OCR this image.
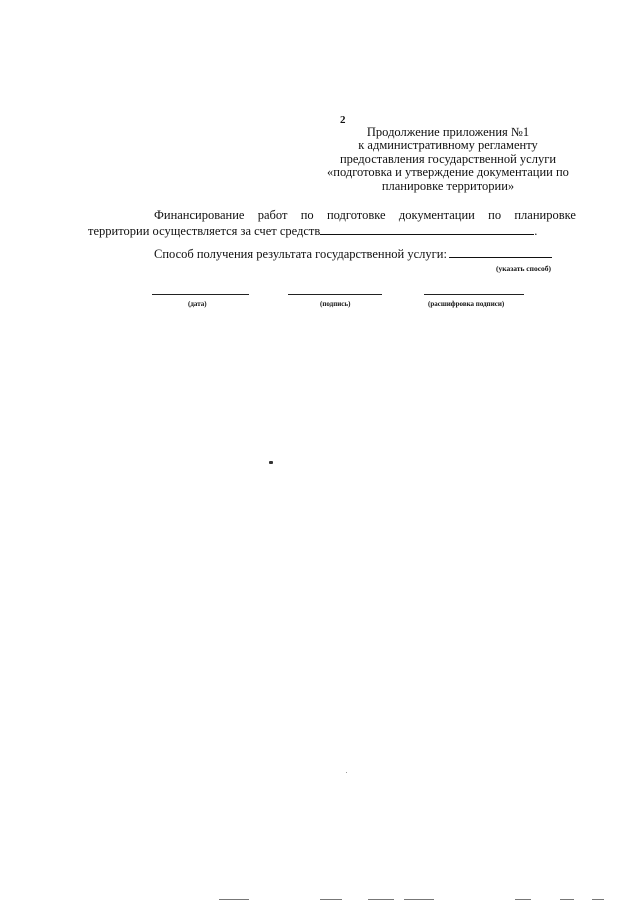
2
Продолжение приложения №1
к административному регламенту
предоставления государственной услуги
«подготовка и утверждение документации по
планировке территории»
Финансирование работ по подготовке документации по планировке
территории осуществляется за счет средств	.
Способ получения результата государственной услуги:
(указать способ)
(дата)	(подпись)	(расшифровка подписи)
